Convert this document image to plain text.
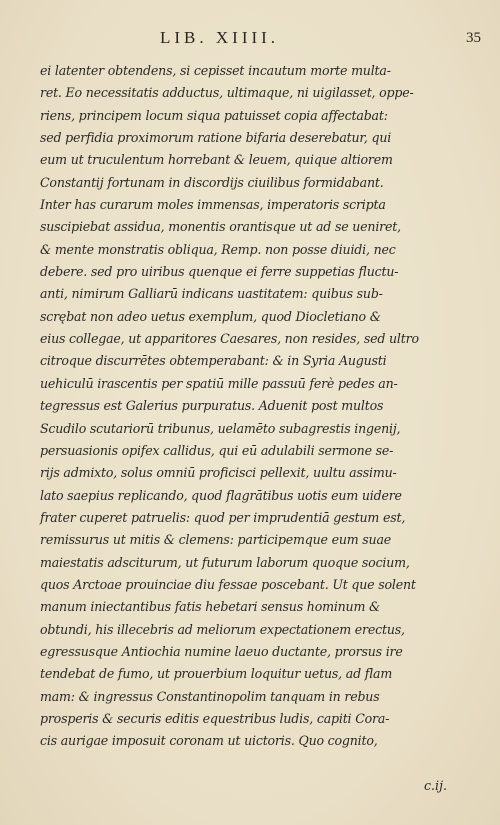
LIB. XIIII.	35
ei latenter obtendens, si cepisset incautum morte multa-
ret. Eo necessitatis adductus, ultimaque, ni uigilasset, oppe-
riens, principem locum siqua patuisset copia affectabat:
sed perfidia proximorum ratione bifaria deserebatur, qui
eum ut truculentum horrebant & leuem, quique altiorem
Constantij fortunam in discordijs ciuilibus formidabant.
Inter has curarum moles immensas, imperatoris scripta
suscipiebat assidua, monentis orantisque ut ad se ueniret,
& mente monstratis obliqua, Remp. non posse diuidi, nec
debere. sed pro uiribus quenque ei ferre suppetias fluctu-
anti, nimirum Galliarū indicans uastitatem: quibus sub-
scrębat non adeo uetus exemplum, quod Diocletiano &
eius collegae, ut apparitores Caesares, non resides, sed ultro
citroque discurrētes obtemperabant: & in Syria Augusti
uehiculū irascentis per spatiū mille passuū ferè pedes an-
tegressus est Galerius purpuratus. Aduenit post multos
Scudilo scutariorū tribunus, uelamēto subagrestis ingenij,
persuasionis opifex callidus, qui eū adulabili sermone se-
rijs admixto, solus omniū proficisci pellexit, uultu assimu-
lato saepius replicando, quod flagrātibus uotis eum uidere
frater cuperet patruelis: quod per imprudentiā gestum est,
remissurus ut mitis & clemens: participemque eum suae
maiestatis adsciturum, ut futurum laborum quoque socium,
quos Arctoae prouinciae diu fessae poscebant. Ut que solent
manum iniectantibus fatis hebetari sensus hominum &
obtundi, his illecebris ad meliorum expectationem erectus,
egressusque Antiochia numine laeuo ductante, prorsus ire
tendebat de fumo, ut prouerbium loquitur uetus, ad flam
mam: & ingressus Constantinopolim tanquam in rebus
prosperis & securis editis equestribus ludis, capiti Cora-
cis aurigae imposuit coronam ut uictoris. Quo cognito,
c.ij.
